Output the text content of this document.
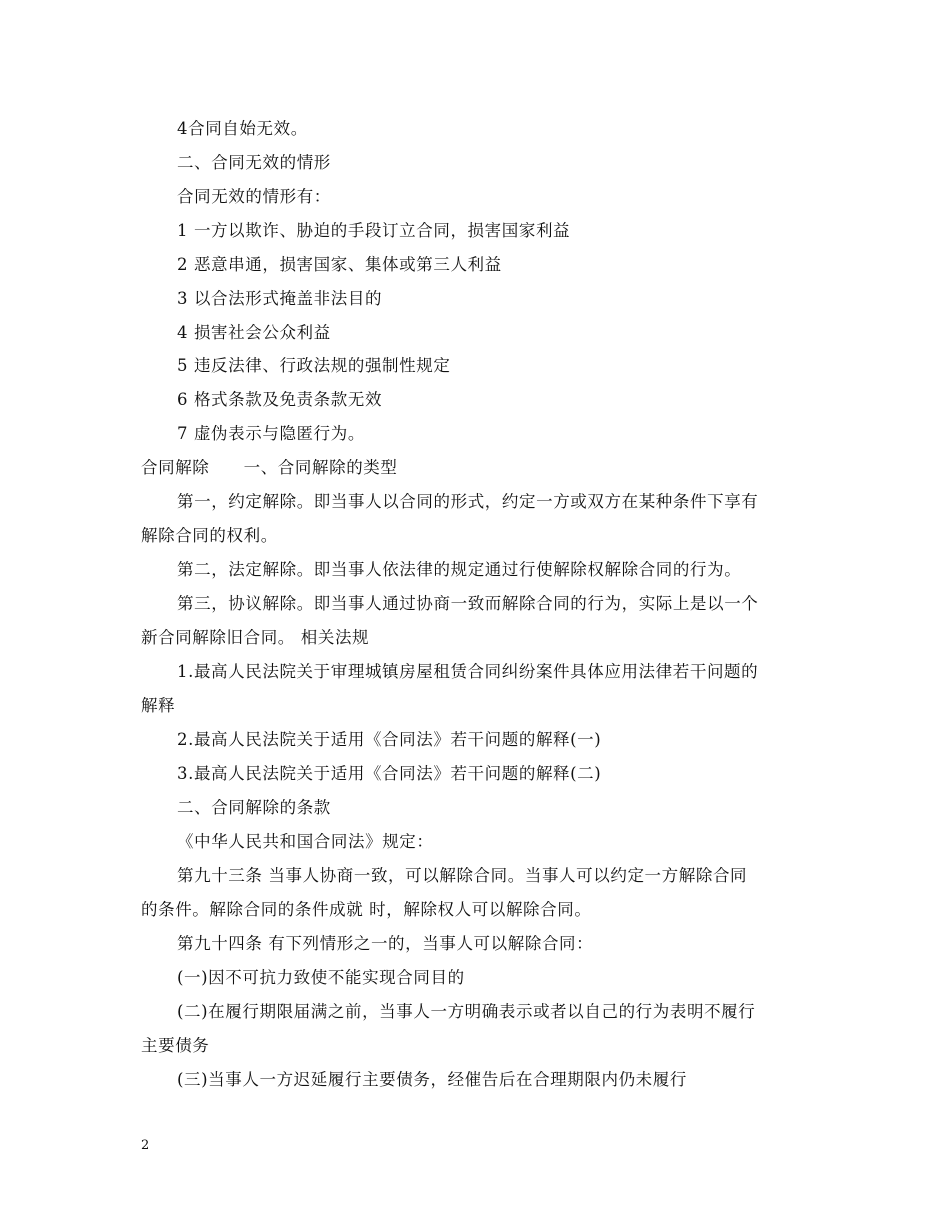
4合同自始无效。
二、合同无效的情形
合同无效的情形有：
1 一方以欺诈、胁迫的手段订立合同，损害国家利益
2 恶意串通，损害国家、集体或第三人利益
3 以合法形式掩盖非法目的
4 损害社会公众利益
5 违反法律、行政法规的强制性规定
6 格式条款及免责条款无效
7 虚伪表示与隐匿行为。
合同解除　　一、合同解除的类型
第一，约定解除。即当事人以合同的形式，约定一方或双方在某种条件下享有
解除合同的权利。
第二，法定解除。即当事人依法律的规定通过行使解除权解除合同的行为。
第三，协议解除。即当事人通过协商一致而解除合同的行为，实际上是以一个
新合同解除旧合同。 相关法规
1.最高人民法院关于审理城镇房屋租赁合同纠纷案件具体应用法律若干问题的
解释
2.最高人民法院关于适用《合同法》若干问题的解释(一)
3.最高人民法院关于适用《合同法》若干问题的解释(二)
二、合同解除的条款
《中华人民共和国合同法》规定：
第九十三条 当事人协商一致，可以解除合同。当事人可以约定一方解除合同
的条件。解除合同的条件成就 时，解除权人可以解除合同。
第九十四条 有下列情形之一的，当事人可以解除合同：
(一)因不可抗力致使不能实现合同目的
(二)在履行期限届满之前，当事人一方明确表示或者以自己的行为表明不履行
主要债务
(三)当事人一方迟延履行主要债务，经催告后在合理期限内仍未履行
2
